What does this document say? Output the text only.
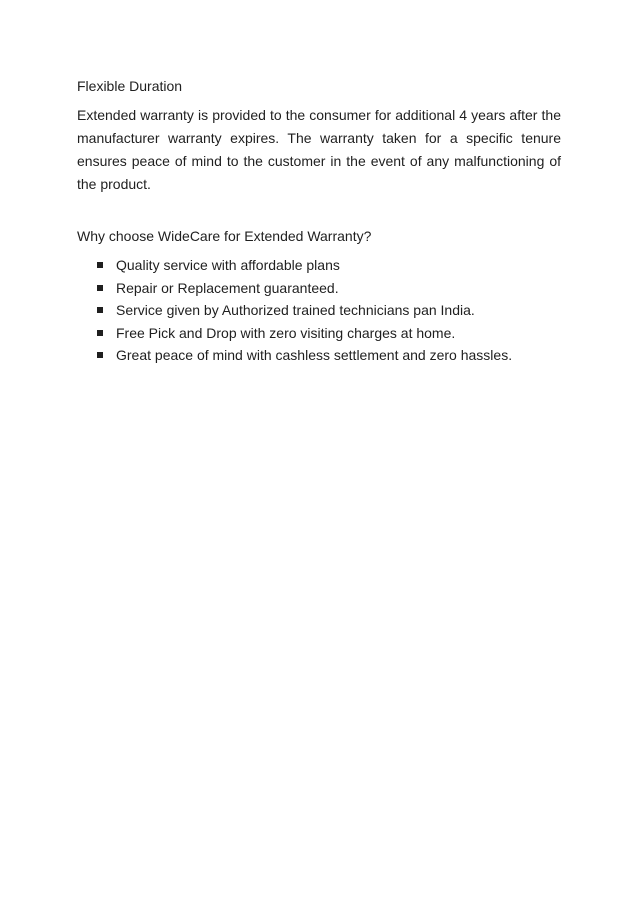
Flexible Duration

Extended warranty is provided to the consumer for additional 4 years after the manufacturer warranty expires. The warranty taken for a specific tenure ensures peace of mind to the customer in the event of any malfunctioning of the product.

Why choose WideCare for Extended Warranty?
Quality service with affordable plans
Repair or Replacement guaranteed.
Service given by Authorized trained technicians pan India.
Free Pick and Drop with zero visiting charges at home.
Great peace of mind with cashless settlement and zero hassles.
